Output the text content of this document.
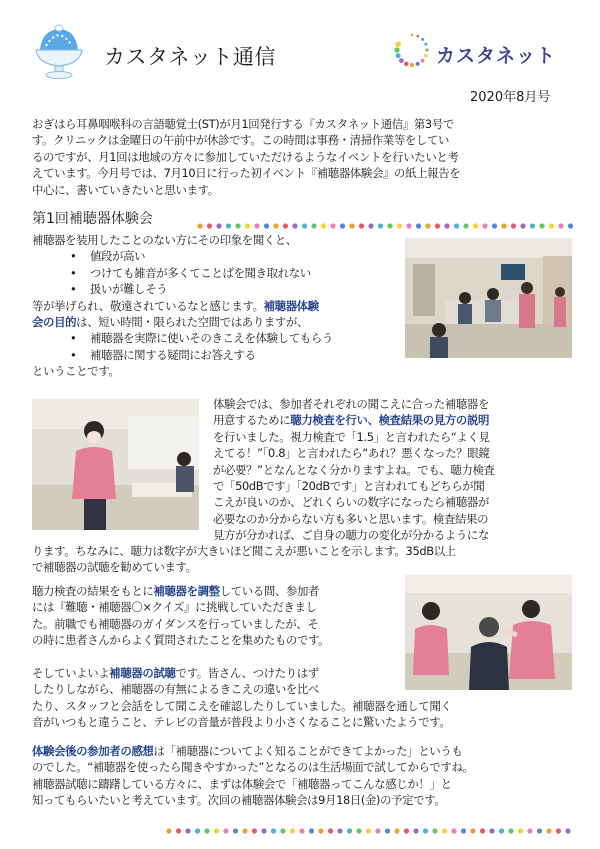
カスタネット通信	カスタネット
2020年8月号

おぎはら耳鼻咽喉科の言語聴覚士(ST)が月1回発行する『カスタネット通信』第3号で

す。クリニックは金曜日の午前中が休診です。この時間は事務・清掃作業等をしてい

るのですが、月1回は地域の方々に参加していただけるようなイベントを行いたいと考

えています。今月号では、7月10日に行った初イベント『補聴器体験会』の紙上報告を

中心に、書いていきたいと思います。

第1回補聴器体験会

補聴器を装用したことのない方にその印象を聞くと、

• 値段が高い

• つけても雑音が多くてことばを聞き取れない

• 扱いが難しそう

等が挙げられ、敬遠されているなと感じます。補聴器体験

会の目的は、短い時間・限られた空間ではありますが、

• 補聴器を実際に使いそのきこえを体験してもらう

• 補聴器に関する疑問にお答えする

ということです。

体験会では、参加者それぞれの聞こえに合った補聴器を

用意するために聴力検査を行い、検査結果の見方の説明

を行いました。視力検査で「1.5」と言われたら“よく見

えてる！”「0.8」と言われたら“あれ？悪くなった？眼鏡

が必要？”となんとなく分かりますよね。でも、聴力検査

で「50dBです」「20dBです」と言われてもどちらが聞

こえが良いのか、どれくらいの数字になったら補聴器が

必要なのか分からない方も多いと思います。検査結果の

見方が分かれば、ご自身の聴力の変化が分かるようにな

ります。ちなみに、聴力は数字が大きいほど聞こえが悪いことを示します。35dB以上

で補聴器の試聴を勧めています。

聴力検査の結果をもとに補聴器を調整している間、参加者

には『難聴・補聴器〇×クイズ』に挑戦していただきまし

た。前職でも補聴器のガイダンスを行っていましたが、そ

の時に患者さんからよく質問されたことを集めたものです。

そしていよいよ補聴器の試聴です。皆さん、つけたりはず

したりしながら、補聴器の有無によるきこえの違いを比べ

たり、スタッフと会話をして聞こえを確認したりしていました。補聴器を通して聞く

音がいつもと違うこと、テレビの音量が普段より小さくなることに驚いたようです。

体験会後の参加者の感想は「補聴器についてよく知ることができてよかった」というも

のでした。“補聴器を使ったら聞きやすかった”となるのは生活場面で試してからですね。

補聴器試聴に躊躇している方々に、まずは体験会で「補聴器ってこんな感じか！」と

知ってもらいたいと考えています。次回の補聴器体験会は9月18日(金)の予定です。
